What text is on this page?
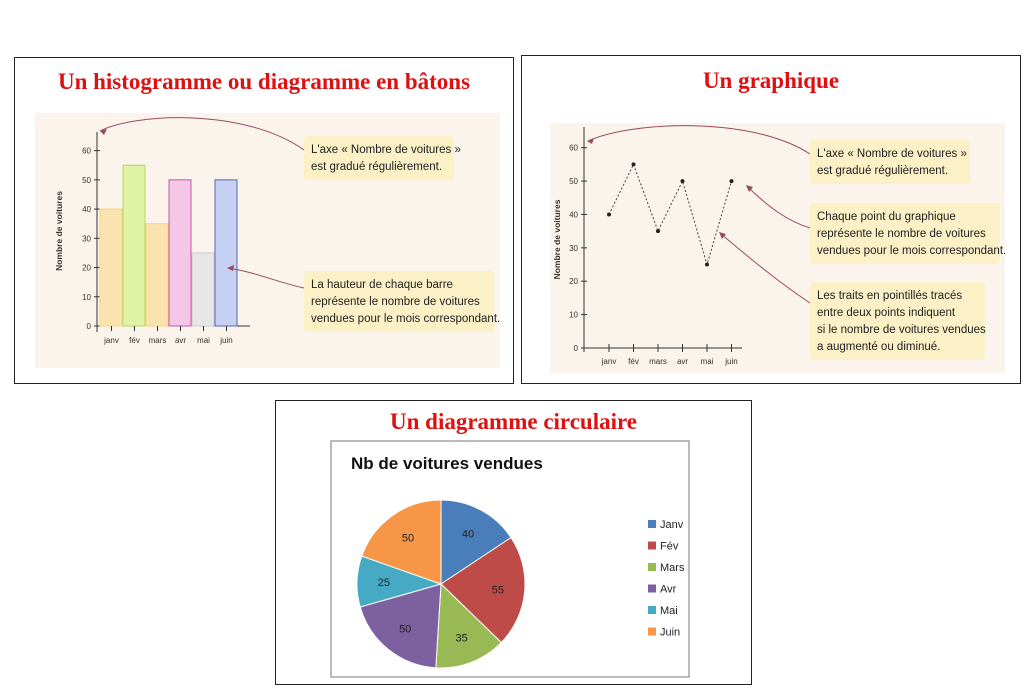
Un histogramme ou diagramme en bâtons
0
10
20
30
40
50
60
Nombre de voitures
janv fév mars avr mai juin
L'axe « Nombre de voitures »
est gradué régulièrement.
La hauteur de chaque barre
représente le nombre de voitures
vendues pour le mois correspondant.
Un graphique
0
10
20
30
40
50
60
Nombre de voitures
janv fév mars avr mai juin
L'axe « Nombre de voitures »
est gradué régulièrement.
Chaque point du graphique
représente le nombre de voitures
vendues pour le mois correspondant.
Les traits en pointillés tracés
entre deux points indiquent
si le nombre de voitures vendues
a augmenté ou diminué.
Un diagramme circulaire
Nb de voitures vendues
40
55
35
50
25
50
Janv
Fév
Mars
Avr
Mai
Juin
